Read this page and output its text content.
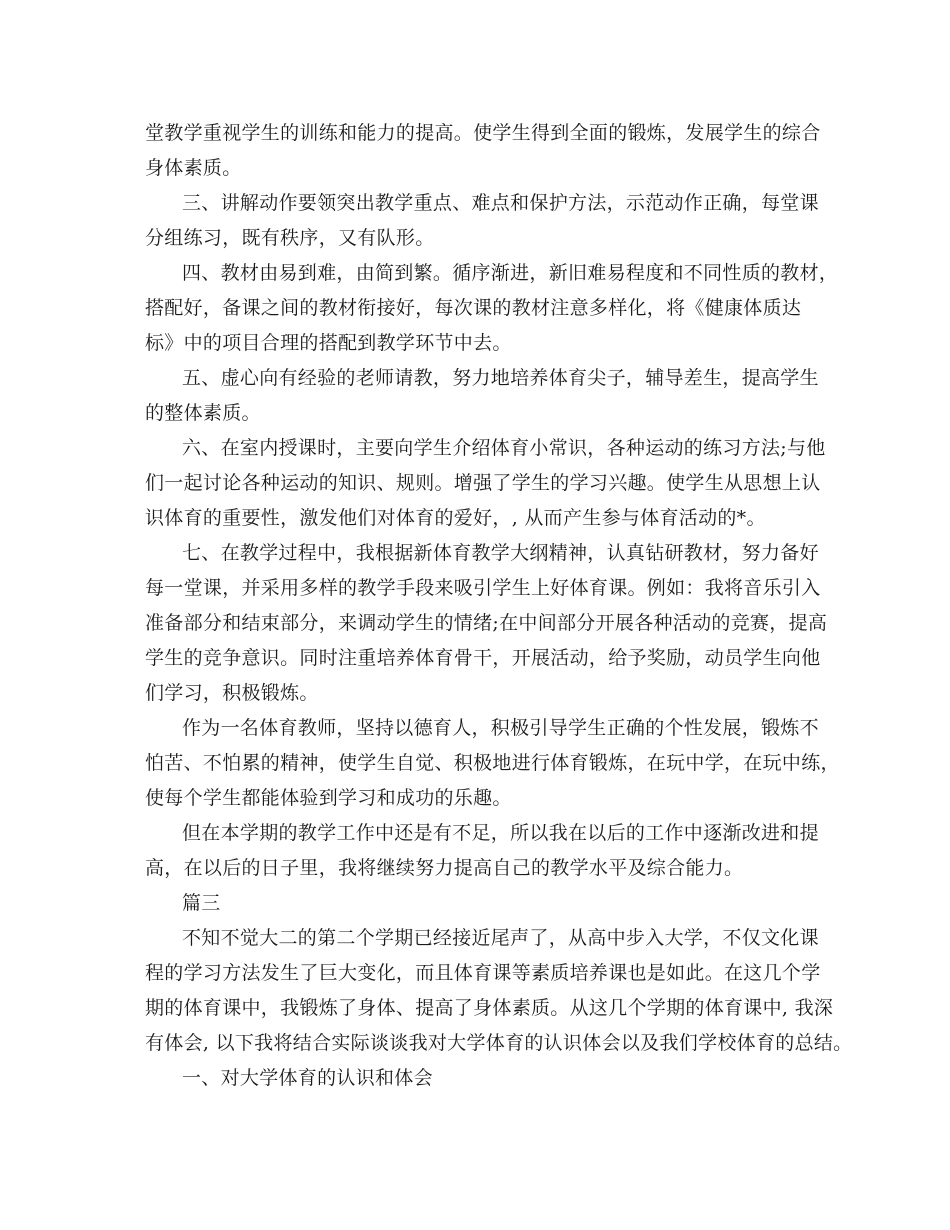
堂教学重视学生的训练和能力的提高。使学生得到全面的锻炼，发展学生的综合
身体素质。
三、讲解动作要领突出教学重点、难点和保护方法，示范动作正确，每堂课
分组练习，既有秩序，又有队形。
四、教材由易到难，由简到繁。循序渐进，新旧难易程度和不同性质的教材，
搭配好，备课之间的教材衔接好，每次课的教材注意多样化，将《健康体质达
标》中的项目合理的搭配到教学环节中去。
五、虚心向有经验的老师请教，努力地培养体育尖子，辅导差生，提高学生
的整体素质。
六、在室内授课时，主要向学生介绍体育小常识，各种运动的练习方法;与他
们一起讨论各种运动的知识、规则。增强了学生的学习兴趣。使学生从思想上认
识体育的重要性，激发他们对体育的爱好，, 从而产生参与体育活动的*。
七、在教学过程中，我根据新体育教学大纲精神，认真钻研教材，努力备好
每一堂课，并采用多样的教学手段来吸引学生上好体育课。例如：我将音乐引入
准备部分和结束部分，来调动学生的情绪;在中间部分开展各种活动的竞赛，提高
学生的竞争意识。同时注重培养体育骨干，开展活动，给予奖励，动员学生向他
们学习，积极锻炼。
作为一名体育教师，坚持以德育人，积极引导学生正确的个性发展，锻炼不
怕苦、不怕累的精神，使学生自觉、积极地进行体育锻炼，在玩中学，在玩中练，
使每个学生都能体验到学习和成功的乐趣。
但在本学期的教学工作中还是有不足，所以我在以后的工作中逐渐改进和提
高，在以后的日子里，我将继续努力提高自己的教学水平及综合能力。
篇三
不知不觉大二的第二个学期已经接近尾声了，从高中步入大学，不仅文化课
程的学习方法发生了巨大变化，而且体育课等素质培养课也是如此。在这几个学
期的体育课中，我锻炼了身体、提高了身体素质。从这几个学期的体育课中, 我深
有体会, 以下我将结合实际谈谈我对大学体育的认识体会以及我们学校体育的总结。
一、对大学体育的认识和体会
